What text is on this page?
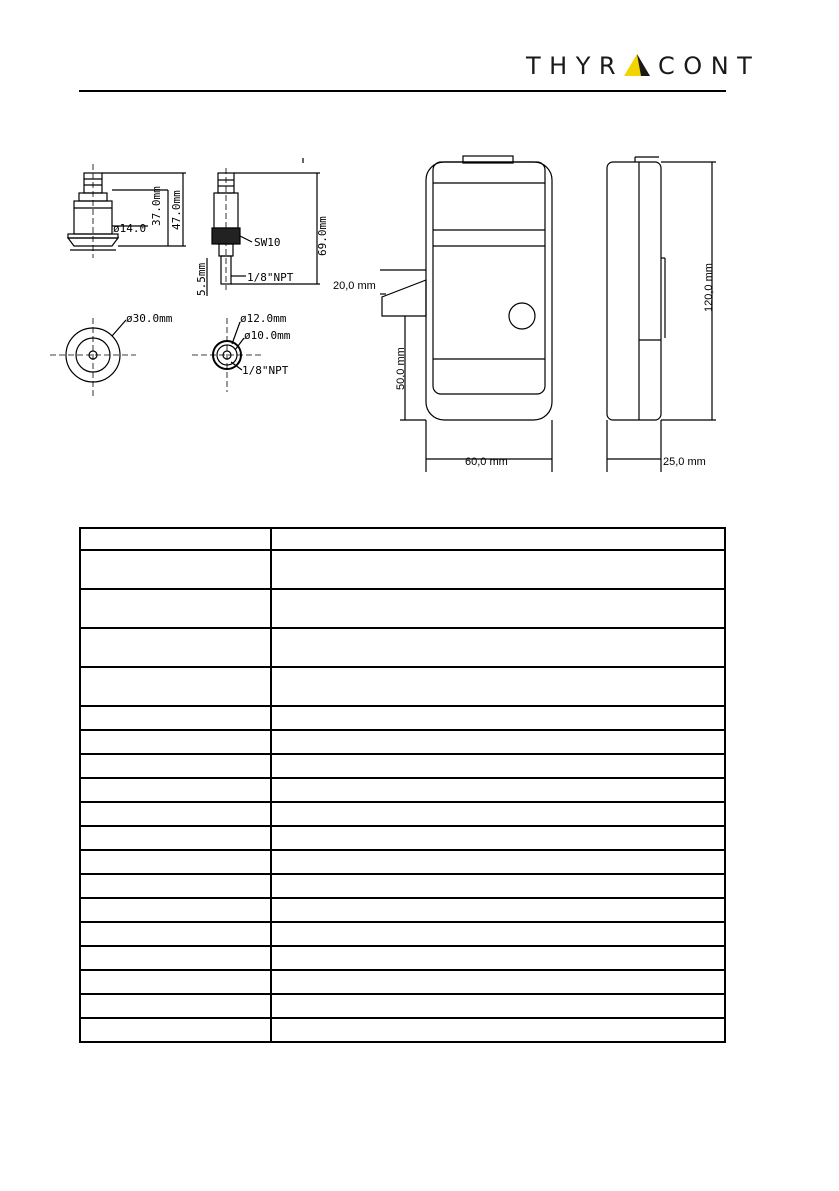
THYR CONT
ø14.0
37.0mm 47.0mm
ø30.0mm
69.0mm
SW10
5.5mm	1/8"NPT
ø12.0mm
ø10.0mm
1/8"NPT
20,0 mm
50,0 mm
60,0 mm
120,0 mm
25,0 mm
